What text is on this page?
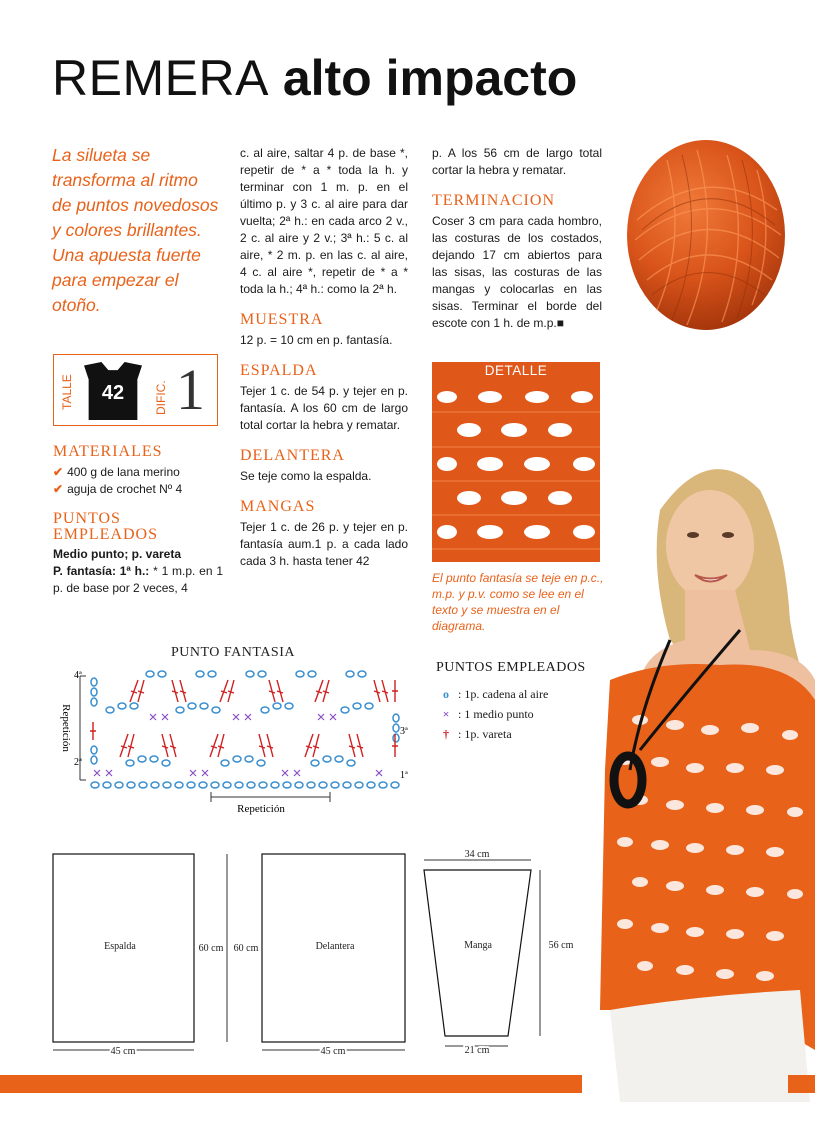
REMERA alto impacto
La silueta se transforma al ritmo de puntos novedosos y colores brillantes. Una apuesta fuerte para empezar el otoño.
TALLE	42	DIFIC. 1
MATERIALES
✔ 400 g de lana merino
✔ aguja de crochet Nº 4
PUNTOS EMPLEADOS
Medio punto; p. vareta
P. fantasía: 1ª h.: * 1 m.p. en 1 p. de base por 2 veces, 4
c. al aire, saltar 4 p. de base *, repetir de * a * toda la h. y terminar con 1 m. p. en el último p. y 3 c. al aire para dar vuelta; 2ª h.: en cada arco 2 v., 2 c. al aire y 2 v.; 3ª h.: 5 c. al aire, * 2 m. p. en las c. al aire, 4 c. al aire *, repetir de * a * toda la h.; 4ª h.: como la 2ª h.
MUESTRA
12 p. = 10 cm en p. fantasía.
ESPALDA
Tejer 1 c. de 54 p. y tejer en p. fantasía. A los 60 cm de largo total cortar la hebra y rematar.
DELANTERA
Se teje como la espalda.
MANGAS
Tejer 1 c. de 26 p. y tejer en p. fantasía aum.1 p. a cada lado cada 3 h. hasta tener 42
p. A los 56 cm de largo total cortar la hebra y rematar.
TERMINACION
Coser 3 cm para cada hombro, las costuras de los costados, dejando 17 cm abiertos para las sisas, las costuras de las mangas y colocarlas en las sisas. Terminar el borde del escote con 1 h. de m.p.■
DETALLE
El punto fantasía se teje en p.c., m.p. y p.v. como se lee en el texto y se muestra en el diagrama.
PUNTO FANTASIA
Repetición
4ª
3ª
2ª
1ª
Repetición
PUNTOS EMPLEADOS
o : 1p. cadena al aire
× : 1 medio punto
† : 1p. vareta
Espalda
45 cm
60 cm	Delantera
45 cm
60 cm	Manga
34 cm
21 cm
56 cm
